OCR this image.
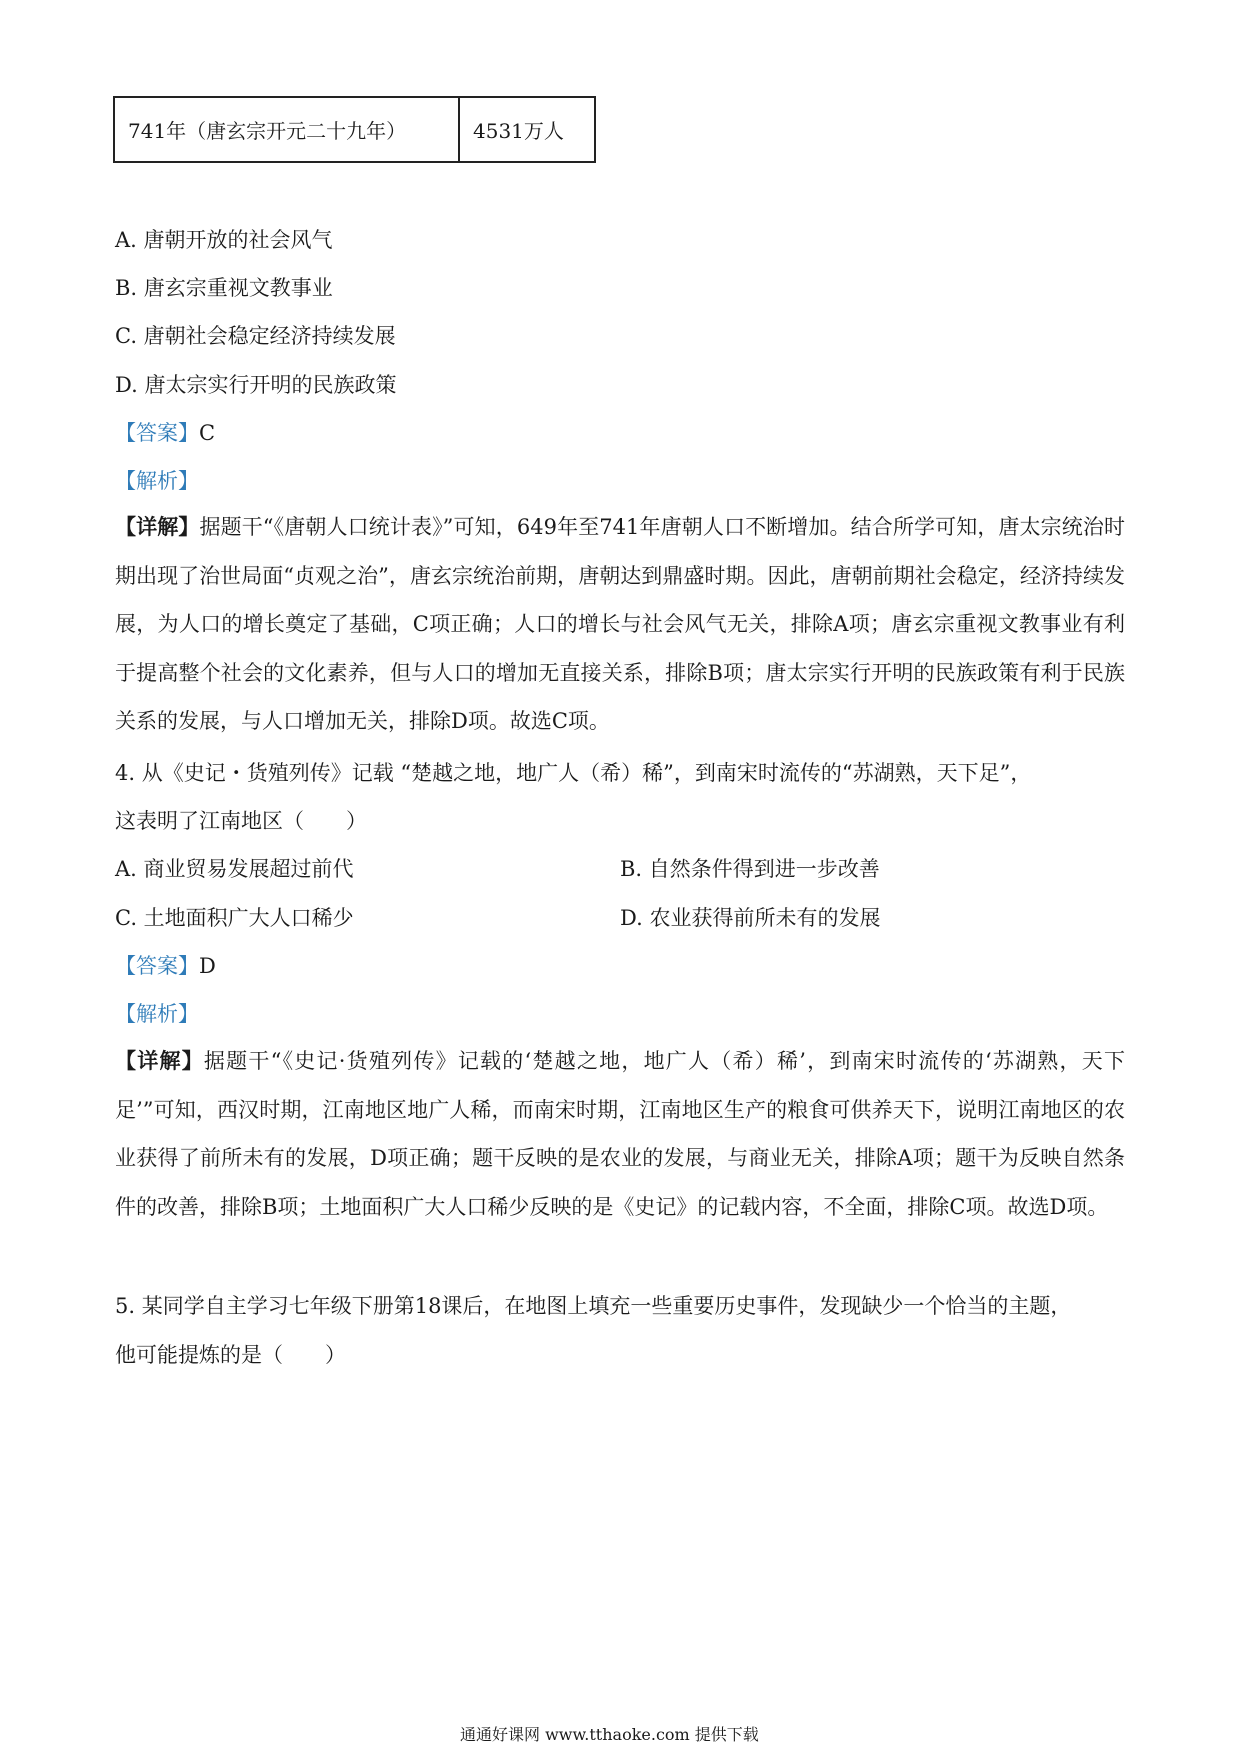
741年（唐玄宗开元二十九年）	4531万人
A. 唐朝开放的社会风气
B. 唐玄宗重视文教事业
C. 唐朝社会稳定经济持续发展
D. 唐太宗实行开明的民族政策
【答案】C
【解析】
【详解】据题干“《唐朝人口统计表》”可知，649年至741年唐朝人口不断增加。结合所学可知，唐太宗统治时期出现了治世局面“贞观之治”，唐玄宗统治前期，唐朝达到鼎盛时期。因此，唐朝前期社会稳定，经济持续发展，为人口的增长奠定了基础，C项正确；人口的增长与社会风气无关，排除A项；唐玄宗重视文教事业有利于提高整个社会的文化素养，但与人口的增加无直接关系，排除B项；唐太宗实行开明的民族政策有利于民族关系的发展，与人口增加无关，排除D项。故选C项。
4. 从《史记・货殖列传》记载 “楚越之地，地广人（希）稀”，到南宋时流传的“苏湖熟，天下足”，
这表明了江南地区（　　）
A. 商业贸易发展超过前代	B. 自然条件得到进一步改善
C. 土地面积广大人口稀少	D. 农业获得前所未有的发展
【答案】D
【解析】
【详解】据题干“《史记·货殖列传》记载的‘楚越之地，地广人（希）稀’，到南宋时流传的‘苏湖熟，天下足’”可知，西汉时期，江南地区地广人稀，而南宋时期，江南地区生产的粮食可供养天下，说明江南地区的农业获得了前所未有的发展，D项正确；题干反映的是农业的发展，与商业无关，排除A项；题干为反映自然条件的改善，排除B项；土地面积广大人口稀少反映的是《史记》的记载内容，不全面，排除C项。故选D项。
5. 某同学自主学习七年级下册第18课后，在地图上填充一些重要历史事件，发现缺少一个恰当的主题，
他可能提炼的是（　　）
通通好课网 www.tthaoke.com 提供下载
